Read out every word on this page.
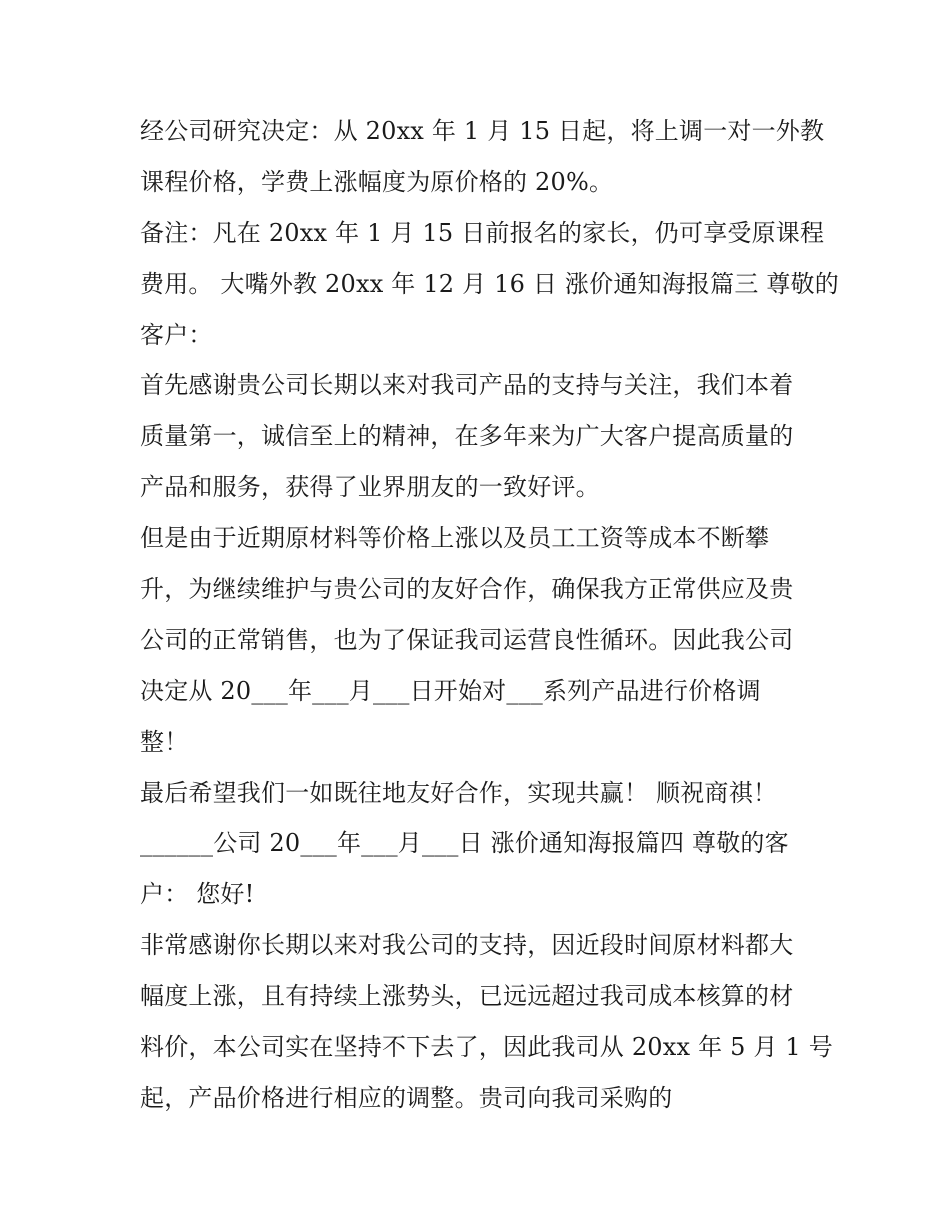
经公司研究决定：从 20xx 年 1 月 15 日起，将上调一对一外教
课程价格，学费上涨幅度为原价格的 20%。
备注：凡在 20xx 年 1 月 15 日前报名的家长，仍可享受原课程
费用。 大嘴外教 20xx 年 12 月 16 日 涨价通知海报篇三 尊敬的
客户：
首先感谢贵公司长期以来对我司产品的支持与关注，我们本着
质量第一，诚信至上的精神，在多年来为广大客户提高质量的
产品和服务，获得了业界朋友的一致好评。
但是由于近期原材料等价格上涨以及员工工资等成本不断攀
升，为继续维护与贵公司的友好合作，确保我方正常供应及贵
公司的正常销售，也为了保证我司运营良性循环。因此我公司
决定从 20___年___月___日开始对___系列产品进行价格调
整！
最后希望我们一如既往地友好合作，实现共赢！ 顺祝商祺！
______公司 20___年___月___日 涨价通知海报篇四 尊敬的客
户： 您好!
非常感谢你长期以来对我公司的支持，因近段时间原材料都大
幅度上涨，且有持续上涨势头，已远远超过我司成本核算的材
料价，本公司实在坚持不下去了，因此我司从 20xx 年 5 月 1 号
起，产品价格进行相应的调整。贵司向我司采购的
